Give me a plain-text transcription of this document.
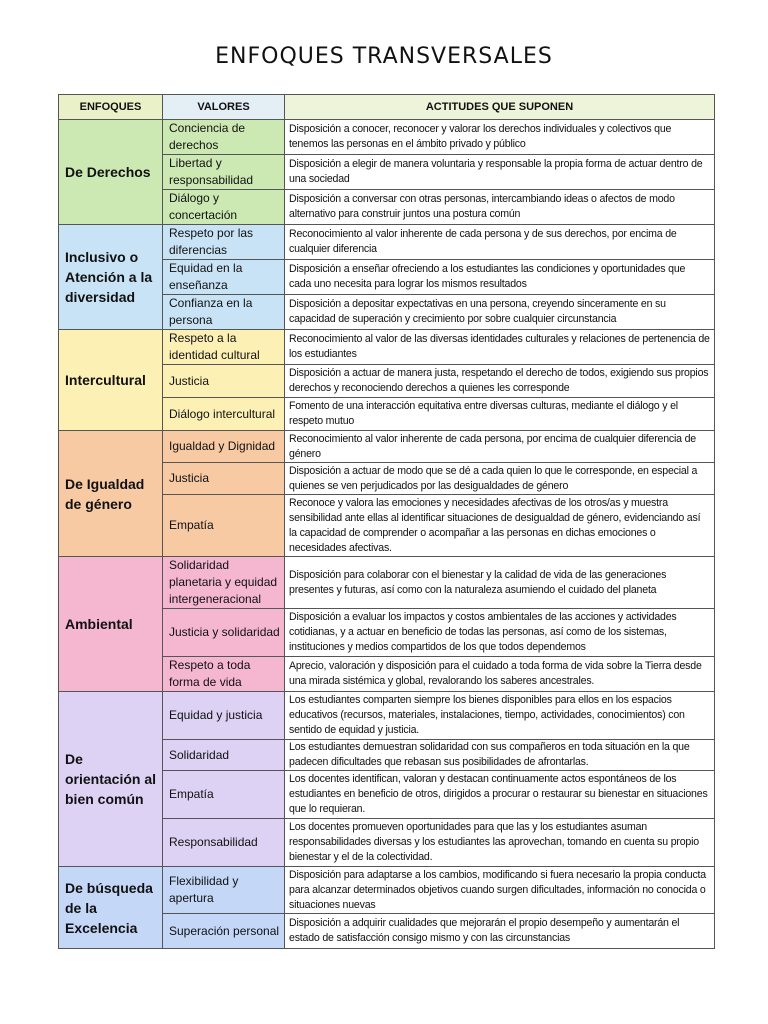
ENFOQUES TRANSVERSALES
ENFOQUES	VALORES	ACTITUDES QUE SUPONEN
De Derechos	Conciencia de derechos	Disposición a conocer, reconocer y valorar los derechos individuales y colectivos que tenemos las personas en el ámbito privado y público
	Libertad y responsabilidad	Disposición a elegir de manera voluntaria y responsable la propia forma de actuar dentro de una sociedad
	Diálogo y concertación	Disposición a conversar con otras personas, intercambiando ideas o afectos de modo alternativo para construir juntos una postura común
Inclusivo o Atención a la diversidad	Respeto por las diferencias	Reconocimiento al valor inherente de cada persona y de sus derechos, por encima de cualquier diferencia
	Equidad en la enseñanza	Disposición a enseñar ofreciendo a los estudiantes las condiciones y oportunidades que cada uno necesita para lograr los mismos resultados
	Confianza en la persona	Disposición a depositar expectativas en una persona, creyendo sinceramente en su capacidad de superación y crecimiento por sobre cualquier circunstancia
Intercultural	Respeto a la identidad cultural	Reconocimiento al valor de las diversas identidades culturales y relaciones de pertenencia de los estudiantes
	Justicia	Disposición a actuar de manera justa, respetando el derecho de todos, exigiendo sus propios derechos y reconociendo derechos a quienes les corresponde
	Diálogo intercultural	Fomento de una interacción equitativa entre diversas culturas, mediante el diálogo y el respeto mutuo
De Igualdad de género	Igualdad y Dignidad	Reconocimiento al valor inherente de cada persona, por encima de cualquier diferencia de género
	Justicia	Disposición a actuar de modo que se dé a cada quien lo que le corresponde, en especial a quienes se ven perjudicados por las desigualdades de género
	Empatía	Reconoce y valora las emociones y necesidades afectivas de los otros/as y muestra sensibilidad ante ellas al identificar situaciones de desigualdad de género, evidenciando así la capacidad de comprender o acompañar a las personas en dichas emociones o necesidades afectivas.
Ambiental	Solidaridad planetaria y equidad intergeneracional	Disposición para colaborar con el bienestar y la calidad de vida de las generaciones presentes y futuras, así como con la naturaleza asumiendo el cuidado del planeta
	Justicia y solidaridad	Disposición a evaluar los impactos y costos ambientales de las acciones y actividades cotidianas, y a actuar en beneficio de todas las personas, así como de los sistemas, instituciones y medios compartidos de los que todos dependemos
	Respeto a toda forma de vida	Aprecio, valoración y disposición para el cuidado a toda forma de vida sobre la Tierra desde una mirada sistémica y global, revalorando los saberes ancestrales.
De orientación al bien común	Equidad y justicia	Los estudiantes comparten siempre los bienes disponibles para ellos en los espacios educativos (recursos, materiales, instalaciones, tiempo, actividades, conocimientos) con sentido de equidad y justicia.
	Solidaridad	Los estudiantes demuestran solidaridad con sus compañeros en toda situación en la que padecen dificultades que rebasan sus posibilidades de afrontarlas.
	Empatía	Los docentes identifican, valoran y destacan continuamente actos espontáneos de los estudiantes en beneficio de otros, dirigidos a procurar o restaurar su bienestar en situaciones que lo requieran.
	Responsabilidad	Los docentes promueven oportunidades para que las y los estudiantes asuman responsabilidades diversas y los estudiantes las aprovechan, tomando en cuenta su propio bienestar y el de la colectividad.
De búsqueda de la Excelencia	Flexibilidad y apertura	Disposición para adaptarse a los cambios, modificando si fuera necesario la propia conducta para alcanzar determinados objetivos cuando surgen dificultades, información no conocida o situaciones nuevas
	Superación personal	Disposición a adquirir cualidades que mejorarán el propio desempeño y aumentarán el estado de satisfacción consigo mismo y con las circunstancias
